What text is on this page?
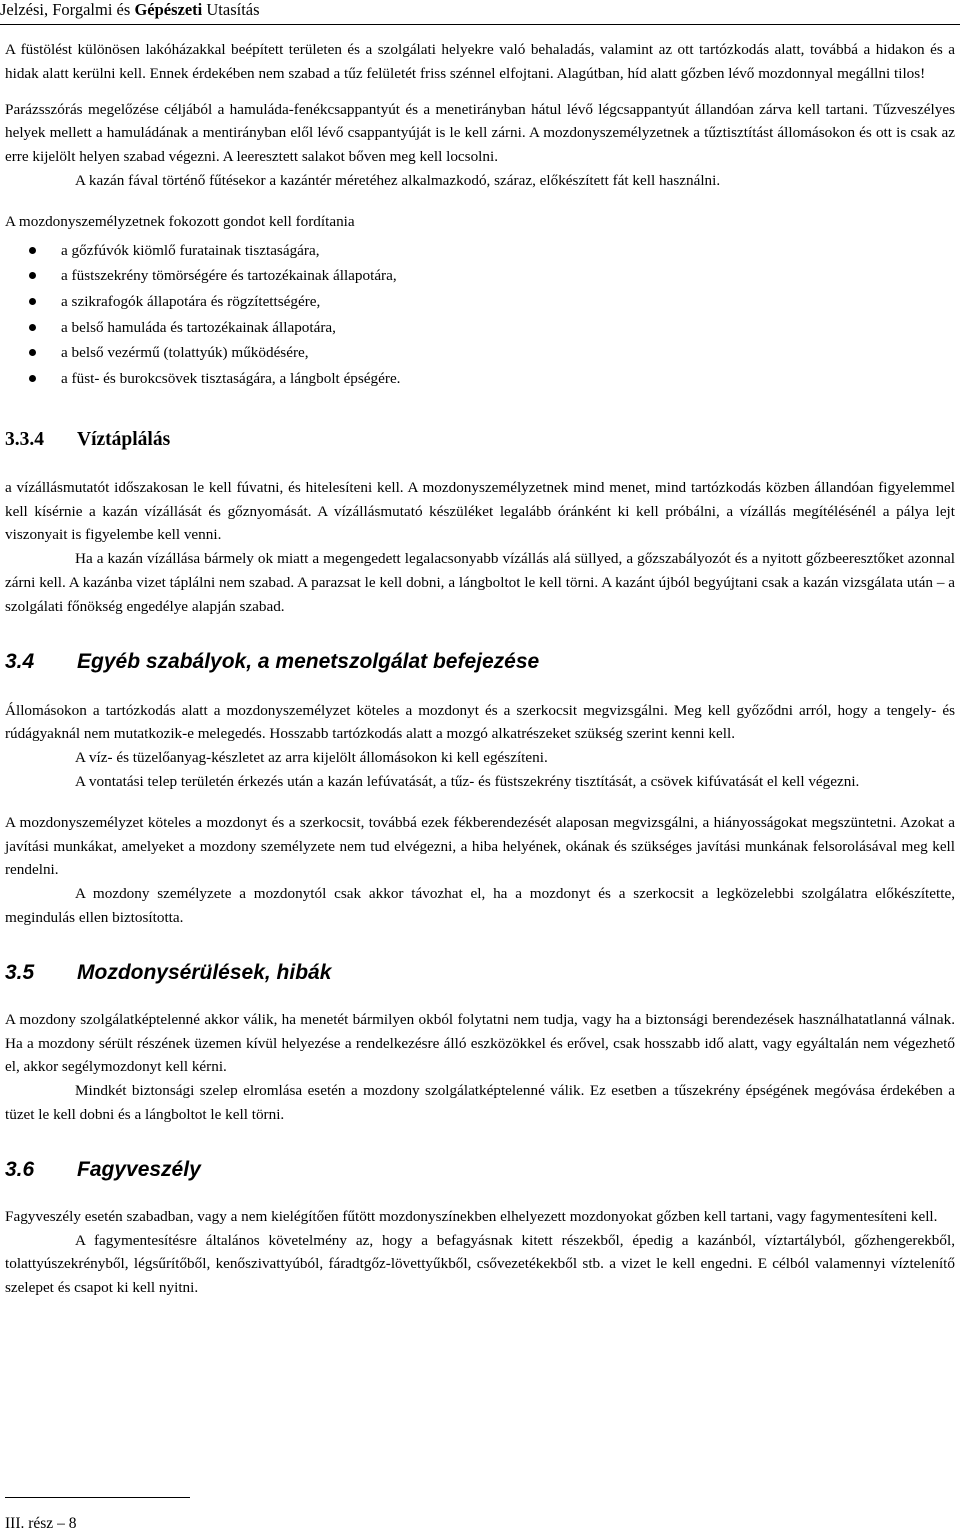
Jelzési, Forgalmi és Gépészeti Utasítás

A füstölést különösen lakóházakkal beépített területen és a szolgálati helyekre való behaladás, valamint az ott tartózkodás alatt, továbbá a hidakon és a hidak alatt kerülni kell. Ennek érdekében nem szabad a tűz felületét friss szénnel elfojtani. Alagútban, híd alatt gőzben lévő mozdonnyal megállni tilos!

Parázsszórás megelőzése céljából a hamuláda-fenékcsappantyút és a menetirányban hátul lévő légcsappantyút állandóan zárva kell tartani. Tűzveszélyes helyek mellett a hamuládának a mentirányban elől lévő csappantyúját is le kell zárni. A mozdonyszemélyzetnek a tűztisztítást állomásokon és ott is csak az erre kijelölt helyen szabad végezni. A leeresztett salakot bőven meg kell locsolni.

A kazán fával történő fűtésekor a kazántér méretéhez alkalmazkodó, száraz, előkészített fát kell használni.

A mozdonyszemélyzetnek fokozott gondot kell fordítania

a gőzfúvók kiömlő furatainak tisztaságára,
a füstszekrény tömörségére és tartozékainak állapotára,
a szikrafogók állapotára és rögzítettségére,
a belső hamuláda és tartozékainak állapotára,
a belső vezérmű (tolattyúk) működésére,
a füst- és burokcsövek tisztaságára, a lángbolt épségére.
3.3.4 Víztáplálás

a vízállásmutatót időszakosan le kell fúvatni, és hitelesíteni kell. A mozdonyszemélyzetnek mind menet, mind tartózkodás közben állandóan figyelemmel kell kísérnie a kazán vízállását és gőznyomását. A vízállásmutató készüléket legalább óránként ki kell próbálni, a vízállás megítélésénél a pálya lejt viszonyait is figyelembe kell venni.

Ha a kazán vízállása bármely ok miatt a megengedett legalacsonyabb vízállás alá süllyed, a gőzszabályozót és a nyitott gőzbeeresztőket azonnal zárni kell. A kazánba vizet táplálni nem szabad. A parazsat le kell dobni, a lángboltot le kell törni. A kazánt újból begyújtani csak a kazán vizsgálata után – a szolgálati főnökség engedélye alapján szabad.

3.4 Egyéb szabályok, a menetszolgálat befejezése

Állomásokon a tartózkodás alatt a mozdonyszemélyzet köteles a mozdonyt és a szerkocsit megvizsgálni. Meg kell győződni arról, hogy a tengely- és rúdágyaknál nem mutatkozik-e melegedés. Hosszabb tartózkodás alatt a mozgó alkatrészeket szükség szerint kenni kell.

A víz- és tüzelőanyag-készletet az arra kijelölt állomásokon ki kell egészíteni.

A vontatási telep területén érkezés után a kazán lefúvatását, a tűz- és füstszekrény tisztítását, a csövek kifúvatását el kell végezni.

A mozdonyszemélyzet köteles a mozdonyt és a szerkocsit, továbbá ezek fékberendezését alaposan megvizsgálni, a hiányosságokat megszüntetni. Azokat a javítási munkákat, amelyeket a mozdony személyzete nem tud elvégezni, a hiba helyének, okának és szükséges javítási munkának felsorolásával meg kell rendelni.

A mozdony személyzete a mozdonytól csak akkor távozhat el, ha a mozdonyt és a szerkocsit a legközelebbi szolgálatra előkészítette, megindulás ellen biztosította.

3.5 Mozdonysérülések, hibák

A mozdony szolgálatképtelenné akkor válik, ha menetét bármilyen okból folytatni nem tudja, vagy ha a biztonsági berendezések használhatatlanná válnak. Ha a mozdony sérült részének üzemen kívül helyezése a rendelkezésre álló eszközökkel és erővel, csak hosszabb idő alatt, vagy egyáltalán nem végezhető el, akkor segélymozdonyt kell kérni.

Mindkét biztonsági szelep elromlása esetén a mozdony szolgálatképtelenné válik. Ez esetben a tűszekrény épségének megóvása érdekében a tüzet le kell dobni és a lángboltot le kell törni.

3.6 Fagyveszély

Fagyveszély esetén szabadban, vagy a nem kielégítően fűtött mozdonyszínekben elhelyezett mozdonyokat gőzben kell tartani, vagy fagymentesíteni kell.

A fagymentesítésre általános követelmény az, hogy a befagyásnak kitett részekből, épedig a kazánból, víztartályból, gőzhengerekből, tolattyúszekrényből, légsűrítőből, kenőszivattyúból, fáradtgőz-lövettyűkből, csővezetékekből stb. a vizet le kell engedni. E célból valamennyi víztelenítő szelepet és csapot ki kell nyitni.

III. rész – 8
